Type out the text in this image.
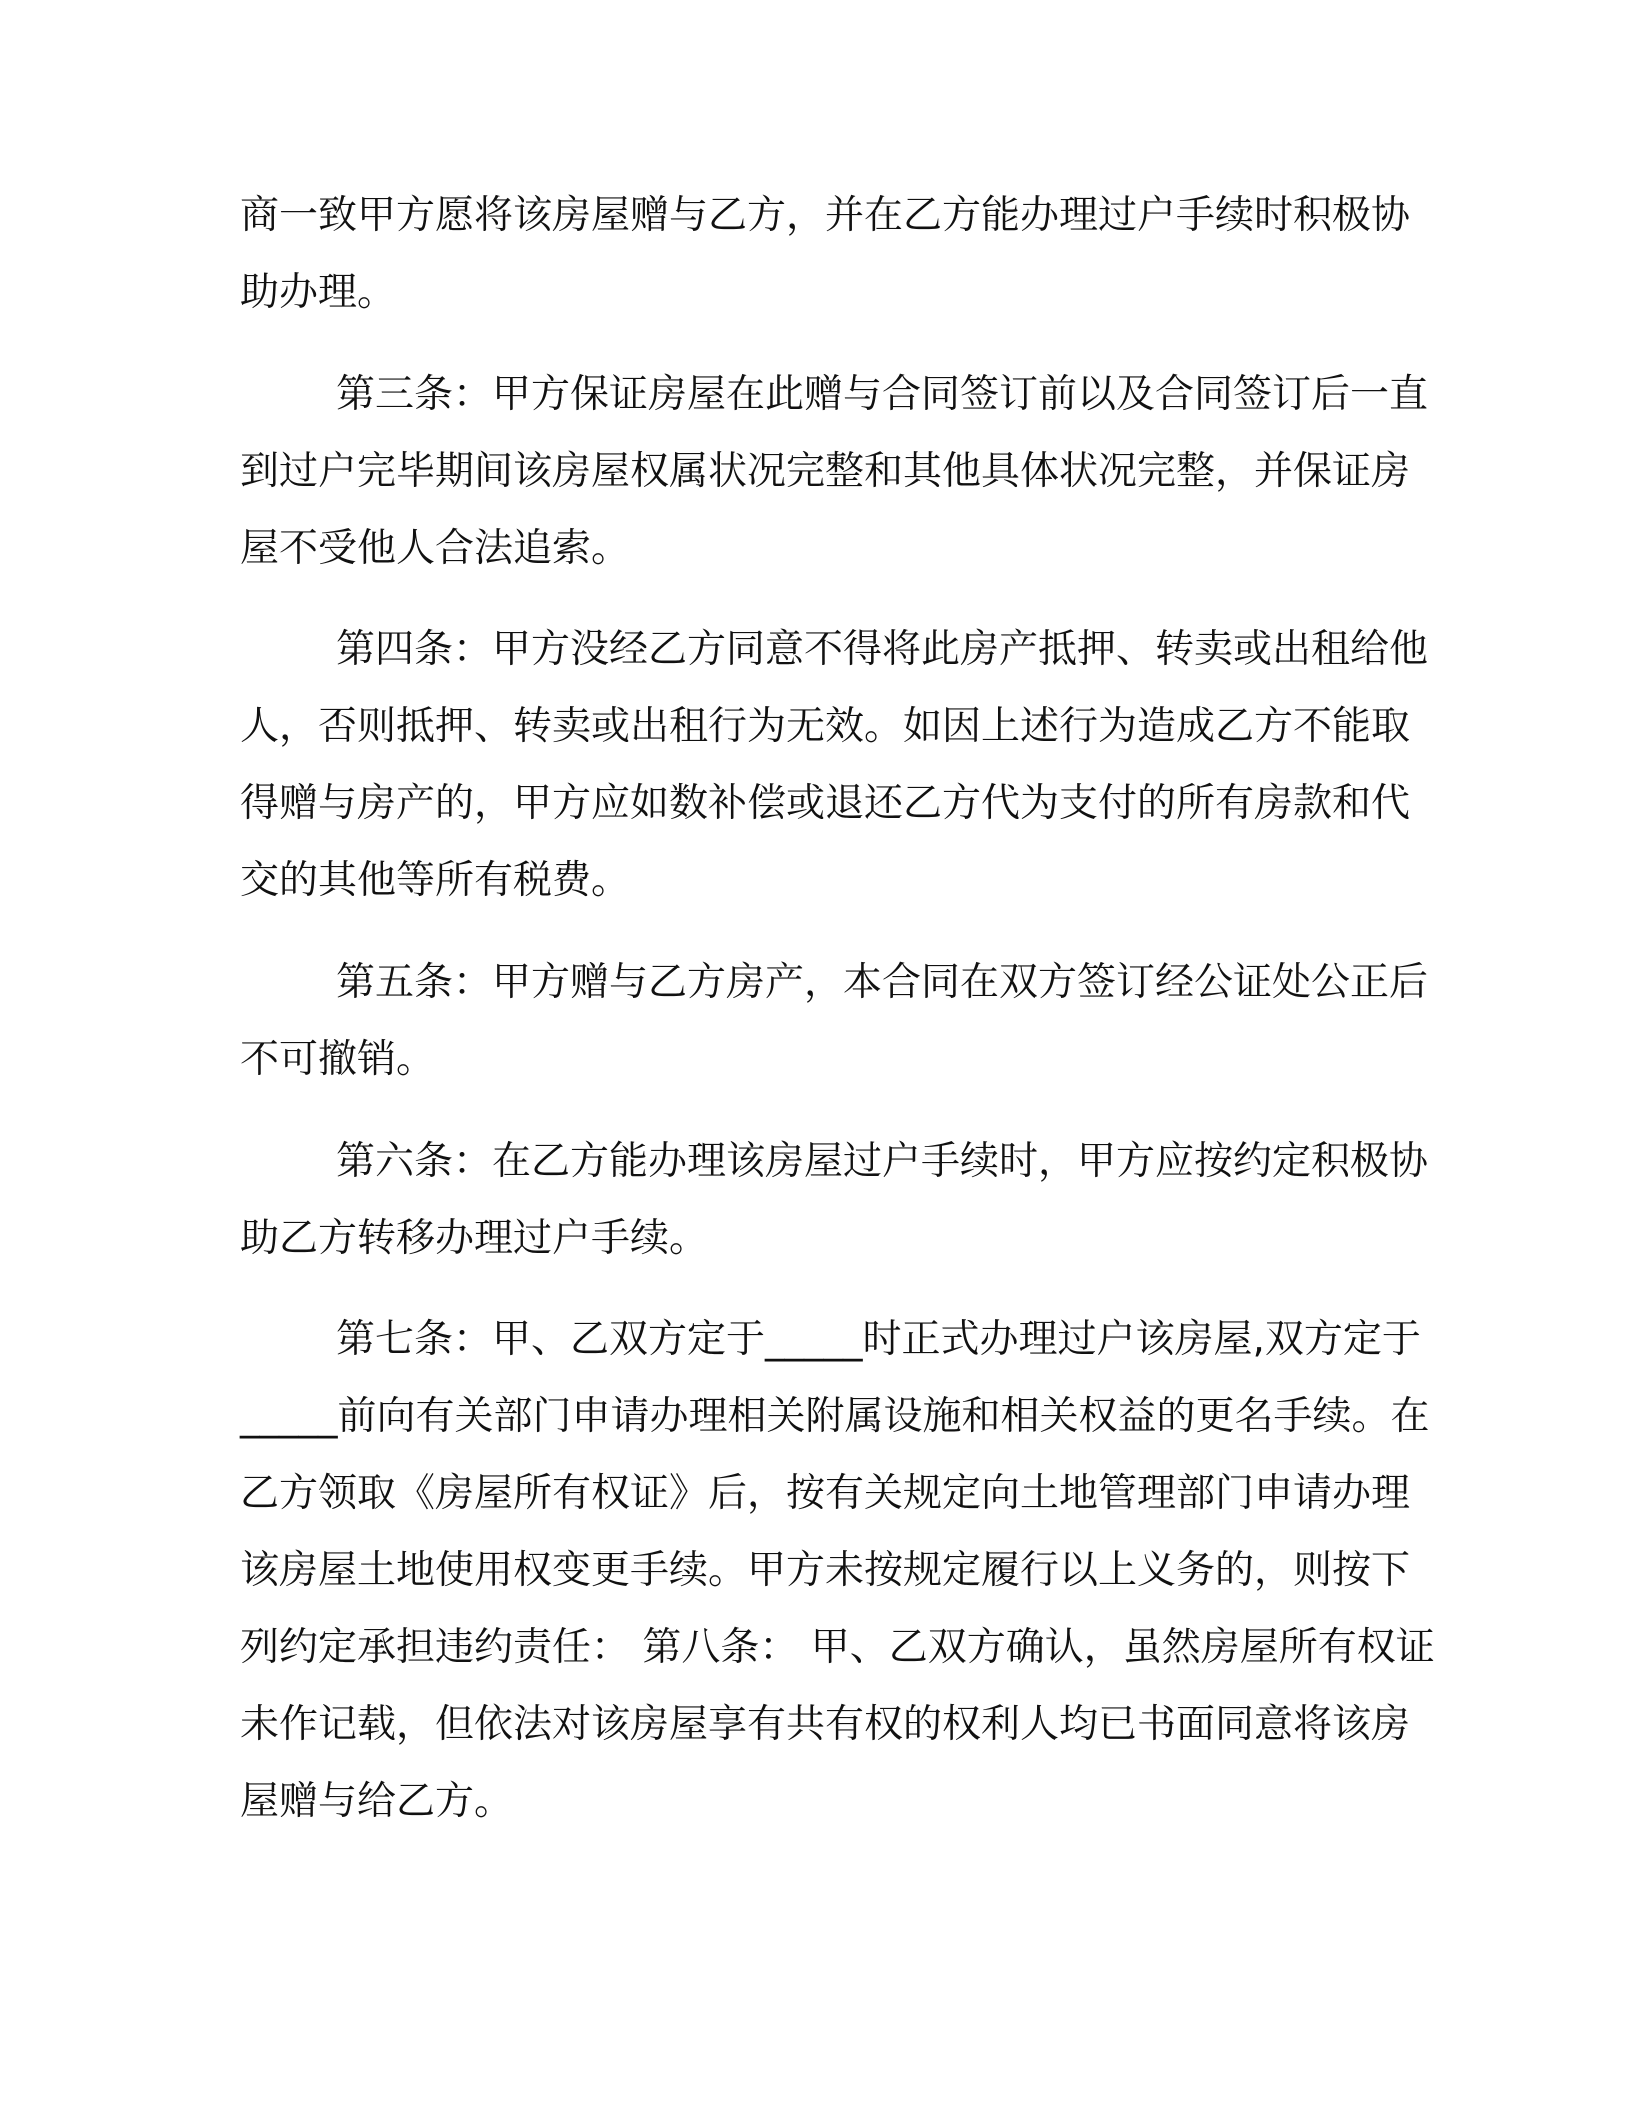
商一致甲方愿将该房屋赠与乙方，并在乙方能办理过户手续时积极协
助办理。
第三条：甲方保证房屋在此赠与合同签订前以及合同签订后一直
到过户完毕期间该房屋权属状况完整和其他具体状况完整，并保证房
屋不受他人合法追索。
第四条：甲方没经乙方同意不得将此房产抵押、转卖或出租给他
人，否则抵押、转卖或出租行为无效。如因上述行为造成乙方不能取
得赠与房产的，甲方应如数补偿或退还乙方代为支付的所有房款和代
交的其他等所有税费。
第五条：甲方赠与乙方房产，本合同在双方签订经公证处公正后
不可撤销。
第六条：在乙方能办理该房屋过户手续时，甲方应按约定积极协
助乙方转移办理过户手续。
第七条：甲、乙双方定于_____时正式办理过户该房屋,双方定于
_____前向有关部门申请办理相关附属设施和相关权益的更名手续。在
乙方领取《房屋所有权证》后，按有关规定向土地管理部门申请办理
该房屋土地使用权变更手续。甲方未按规定履行以上义务的，则按下
列约定承担违约责任： 第八条： 甲、乙双方确认，虽然房屋所有权证
未作记载，但依法对该房屋享有共有权的权利人均已书面同意将该房
屋赠与给乙方。
